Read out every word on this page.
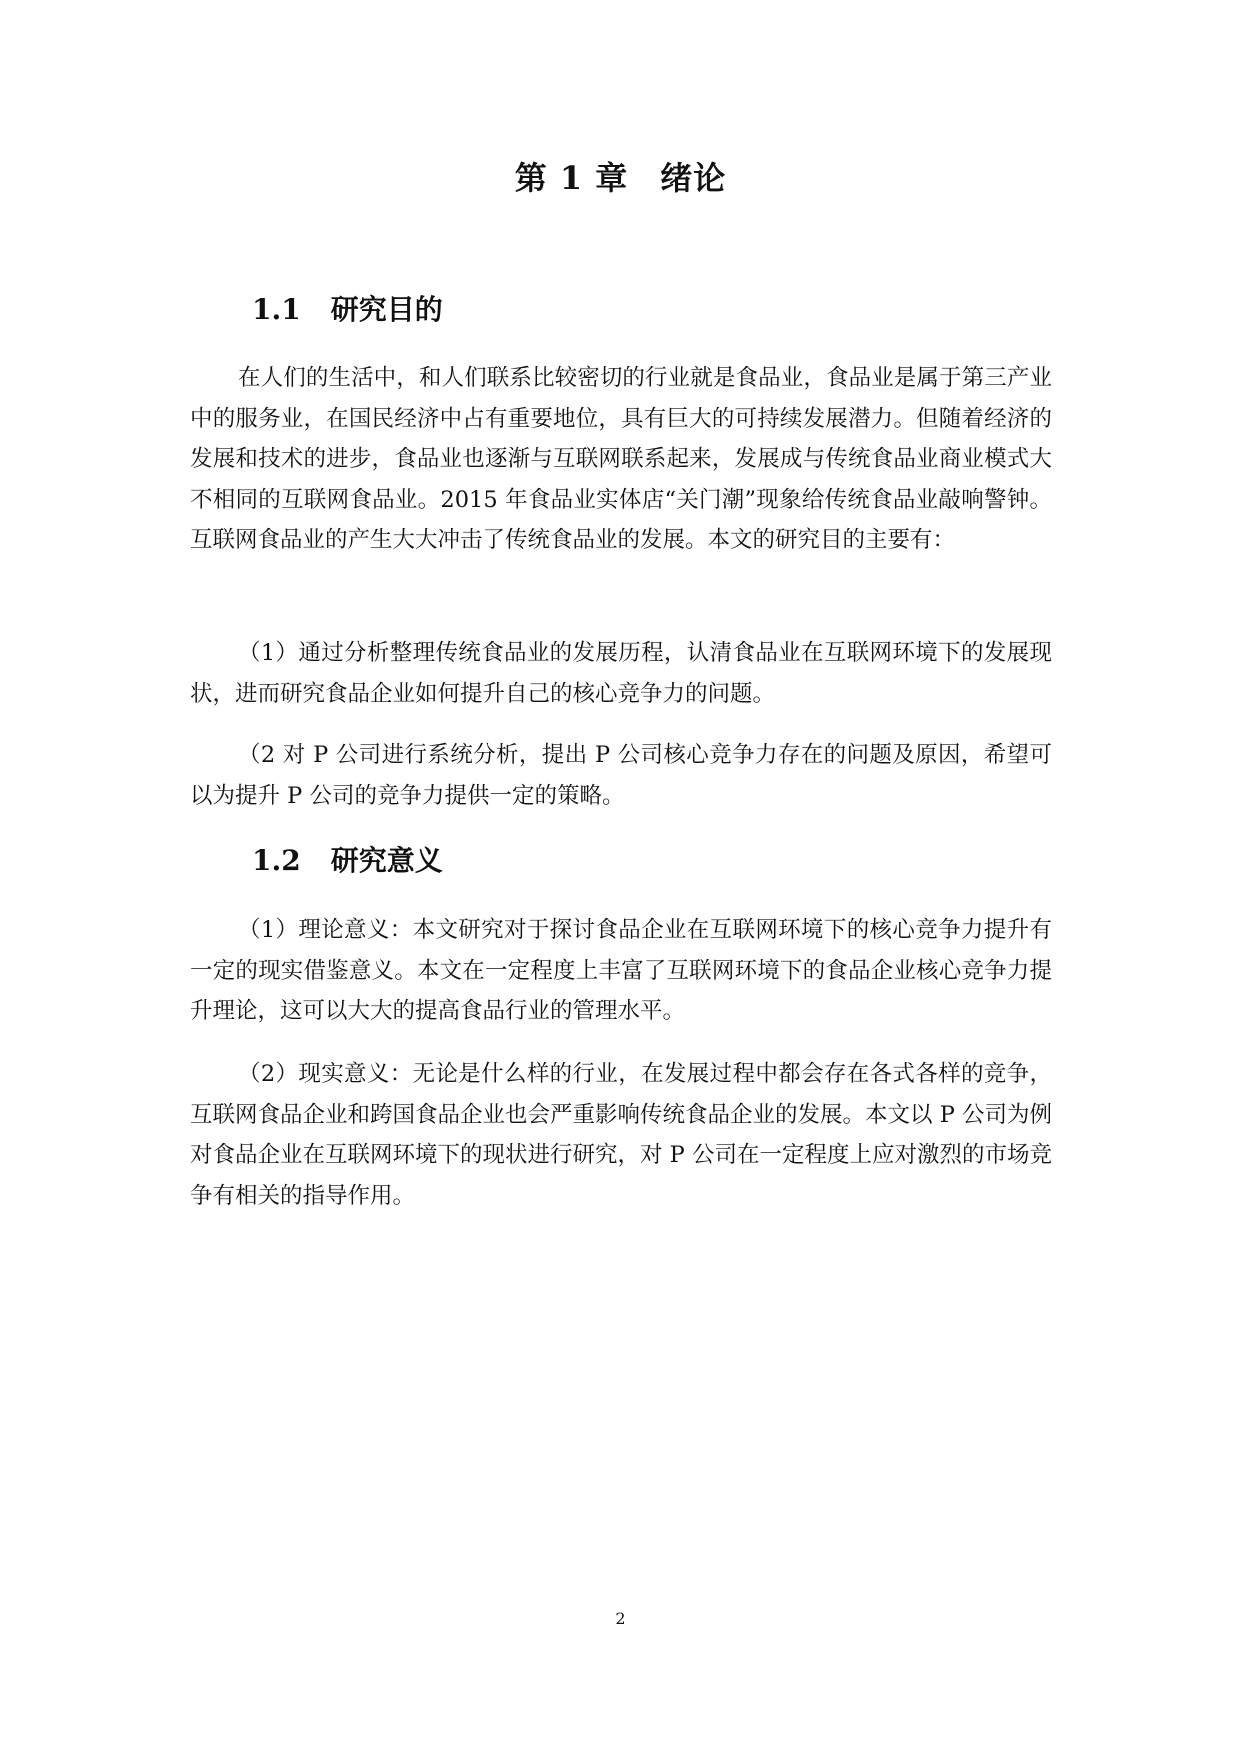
第 1 章 绪论
1.1 研究目的

在人们的生活中，和人们联系比较密切的行业就是食品业，食品业是属于第三产业中的服务业，在国民经济中占有重要地位，具有巨大的可持续发展潜力。但随着经济的发展和技术的进步，食品业也逐渐与互联网联系起来，发展成与传统食品业商业模式大不相同的互联网食品业。2015 年食品业实体店“关门潮”现象给传统食品业敲响警钟。互联网食品业的产生大大冲击了传统食品业的发展。本文的研究目的主要有：

（1）通过分析整理传统食品业的发展历程，认清食品业在互联网环境下的发展现状，进而研究食品企业如何提升自己的核心竞争力的问题。

（2 对 P 公司进行系统分析，提出 P 公司核心竞争力存在的问题及原因，希望可以为提升 P 公司的竞争力提供一定的策略。

1.2 研究意义

（1）理论意义：本文研究对于探讨食品企业在互联网环境下的核心竞争力提升有一定的现实借鉴意义。本文在一定程度上丰富了互联网环境下的食品企业核心竞争力提升理论，这可以大大的提高食品行业的管理水平。

（2）现实意义：无论是什么样的行业，在发展过程中都会存在各式各样的竞争，互联网食品企业和跨国食品企业也会严重影响传统食品企业的发展。本文以 P 公司为例对食品企业在互联网环境下的现状进行研究，对 P 公司在一定程度上应对激烈的市场竞争有相关的指导作用。

2
